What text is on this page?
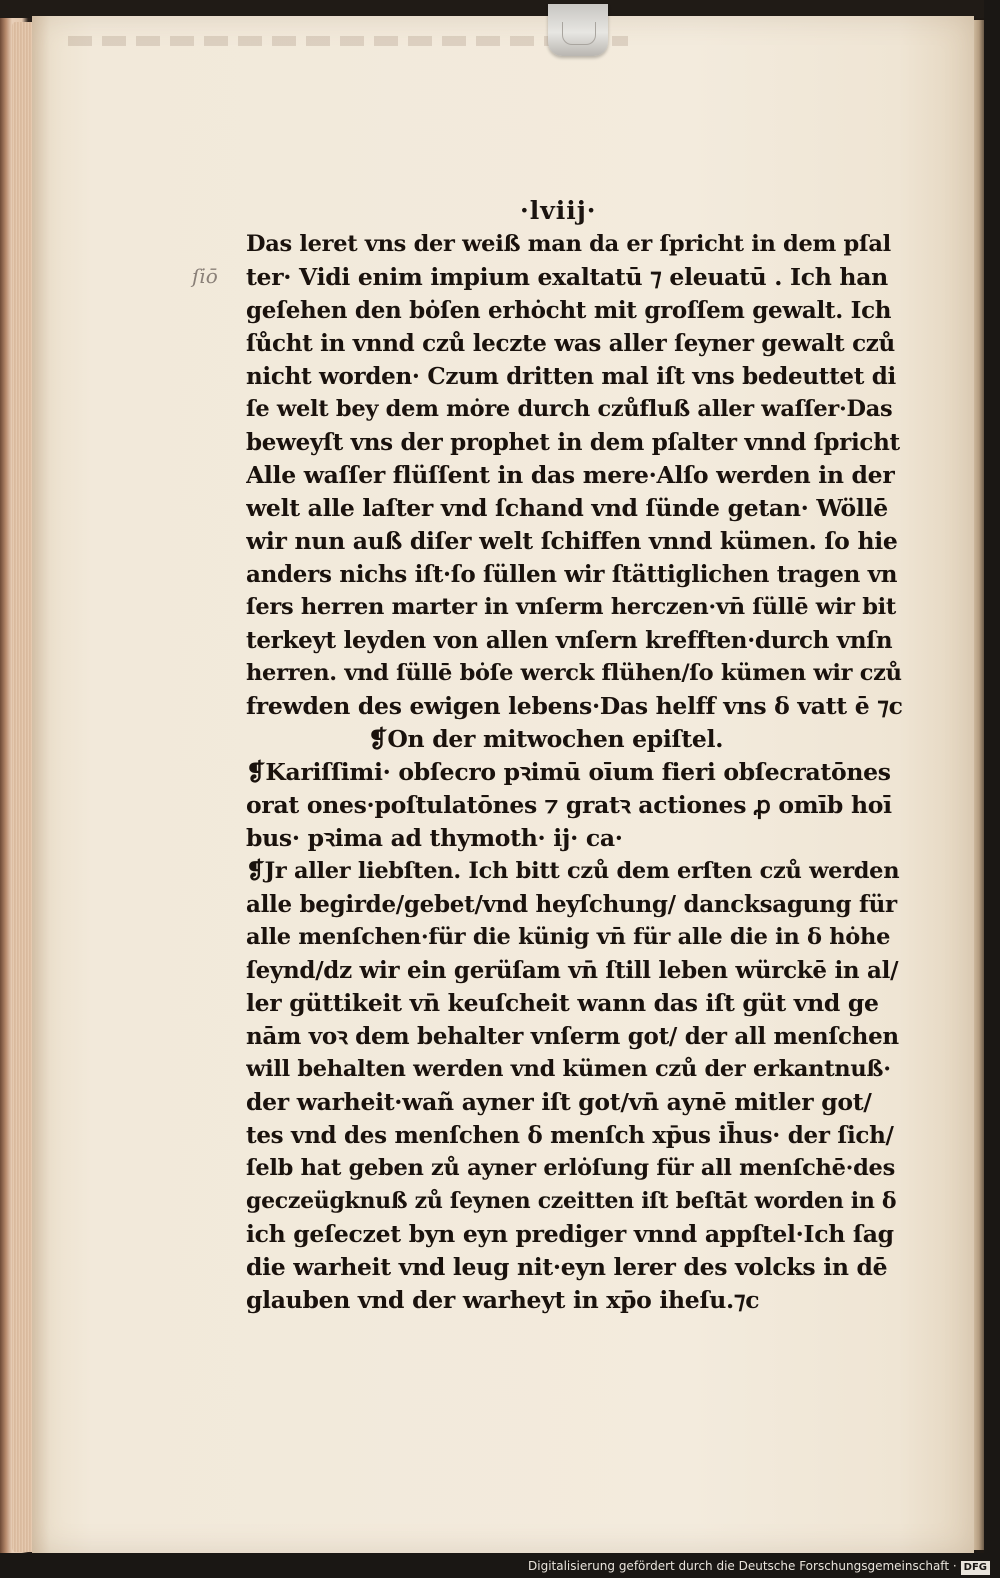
·lviij·
ſiō
Das leret vns der weiß man da er ſpricht in dem pſal
ter· Vidi enim impium exaltatū ⁊ eleuatū . Ich han
geſehen den bȯſen erhȯcht mit groſſem gewalt. Ich
ſůcht in vnnd czů leczte was aller ſeyner gewalt czů
nicht worden· Czum dritten mal iſt vns bedeuttet di
ſe welt bey dem mȯre durch czůfluß aller waſſer·Das
beweyſt vns der prophet in dem pſalter vnnd ſpricht
Alle waſſer flüſſent in das mere·Alſo werden in der
welt alle laſter vnd ſchand vnd ſünde getan· Wöllē
wir nun auß diſer welt ſchiffen vnnd kümen. ſo hie
anders nichs iſt·ſo ſüllen wir ſtättiglichen tragen vn
ſers herren marter in vnſerm herczen·vn̄ ſüllē wir bit
terkeyt leyden von allen vnſern krefften·durch vnſn
herren. vnd ſüllē bȯſe werck flühen/ſo kümen wir czů
frewden des ewigen lebens·Das helff vns ẟ vatt ē ⁊c
❡On der mitwochen epiſtel.
❡Kariſſimi· obſecro pꝛimū oīum fieri obſecratōnes
orat ones·poſtulatōnes ⁊ gratꝛ actiones ꝓ omīb hoī
bus· pꝛima ad thymoth· ij· ca·
❡Jr aller liebſten. Ich bitt czů dem erſten czů werden
alle begirde/gebet/vnd heyſchung/ dancksagung für
alle menſchen·für die künig vn̄ für alle die in ẟ hȯhe
ſeynd/dz wir ein gerüſam vn̄ ſtill leben würckē in al/
ler güttikeit vn̄ keuſcheit wann das iſt güt vnd ge
nām voꝛ dem behalter vnſerm got/ der all menſchen
will behalten werden vnd kümen czů der erkantnuß·
der warheit·wañ ayner iſt got/vn̄ aynē mitler got/
tes vnd des menſchen ẟ menſch xp̄us ih̄us· der ſich/
ſelb hat geben zů ayner erlȯſung für all menſchē·des
geczeügknuß zů ſeynen czeitten iſt beſtāt worden in ẟ
ich geſeczet byn eyn prediger vnnd appſtel·Ich ſag
die warheit vnd leug nit·eyn lerer des volcks in dē
glauben vnd der warheyt in xp̄o iheſu.⁊c
Digitalisierung gefördert durch die Deutsche Forschungsgemeinschaft · DFG
